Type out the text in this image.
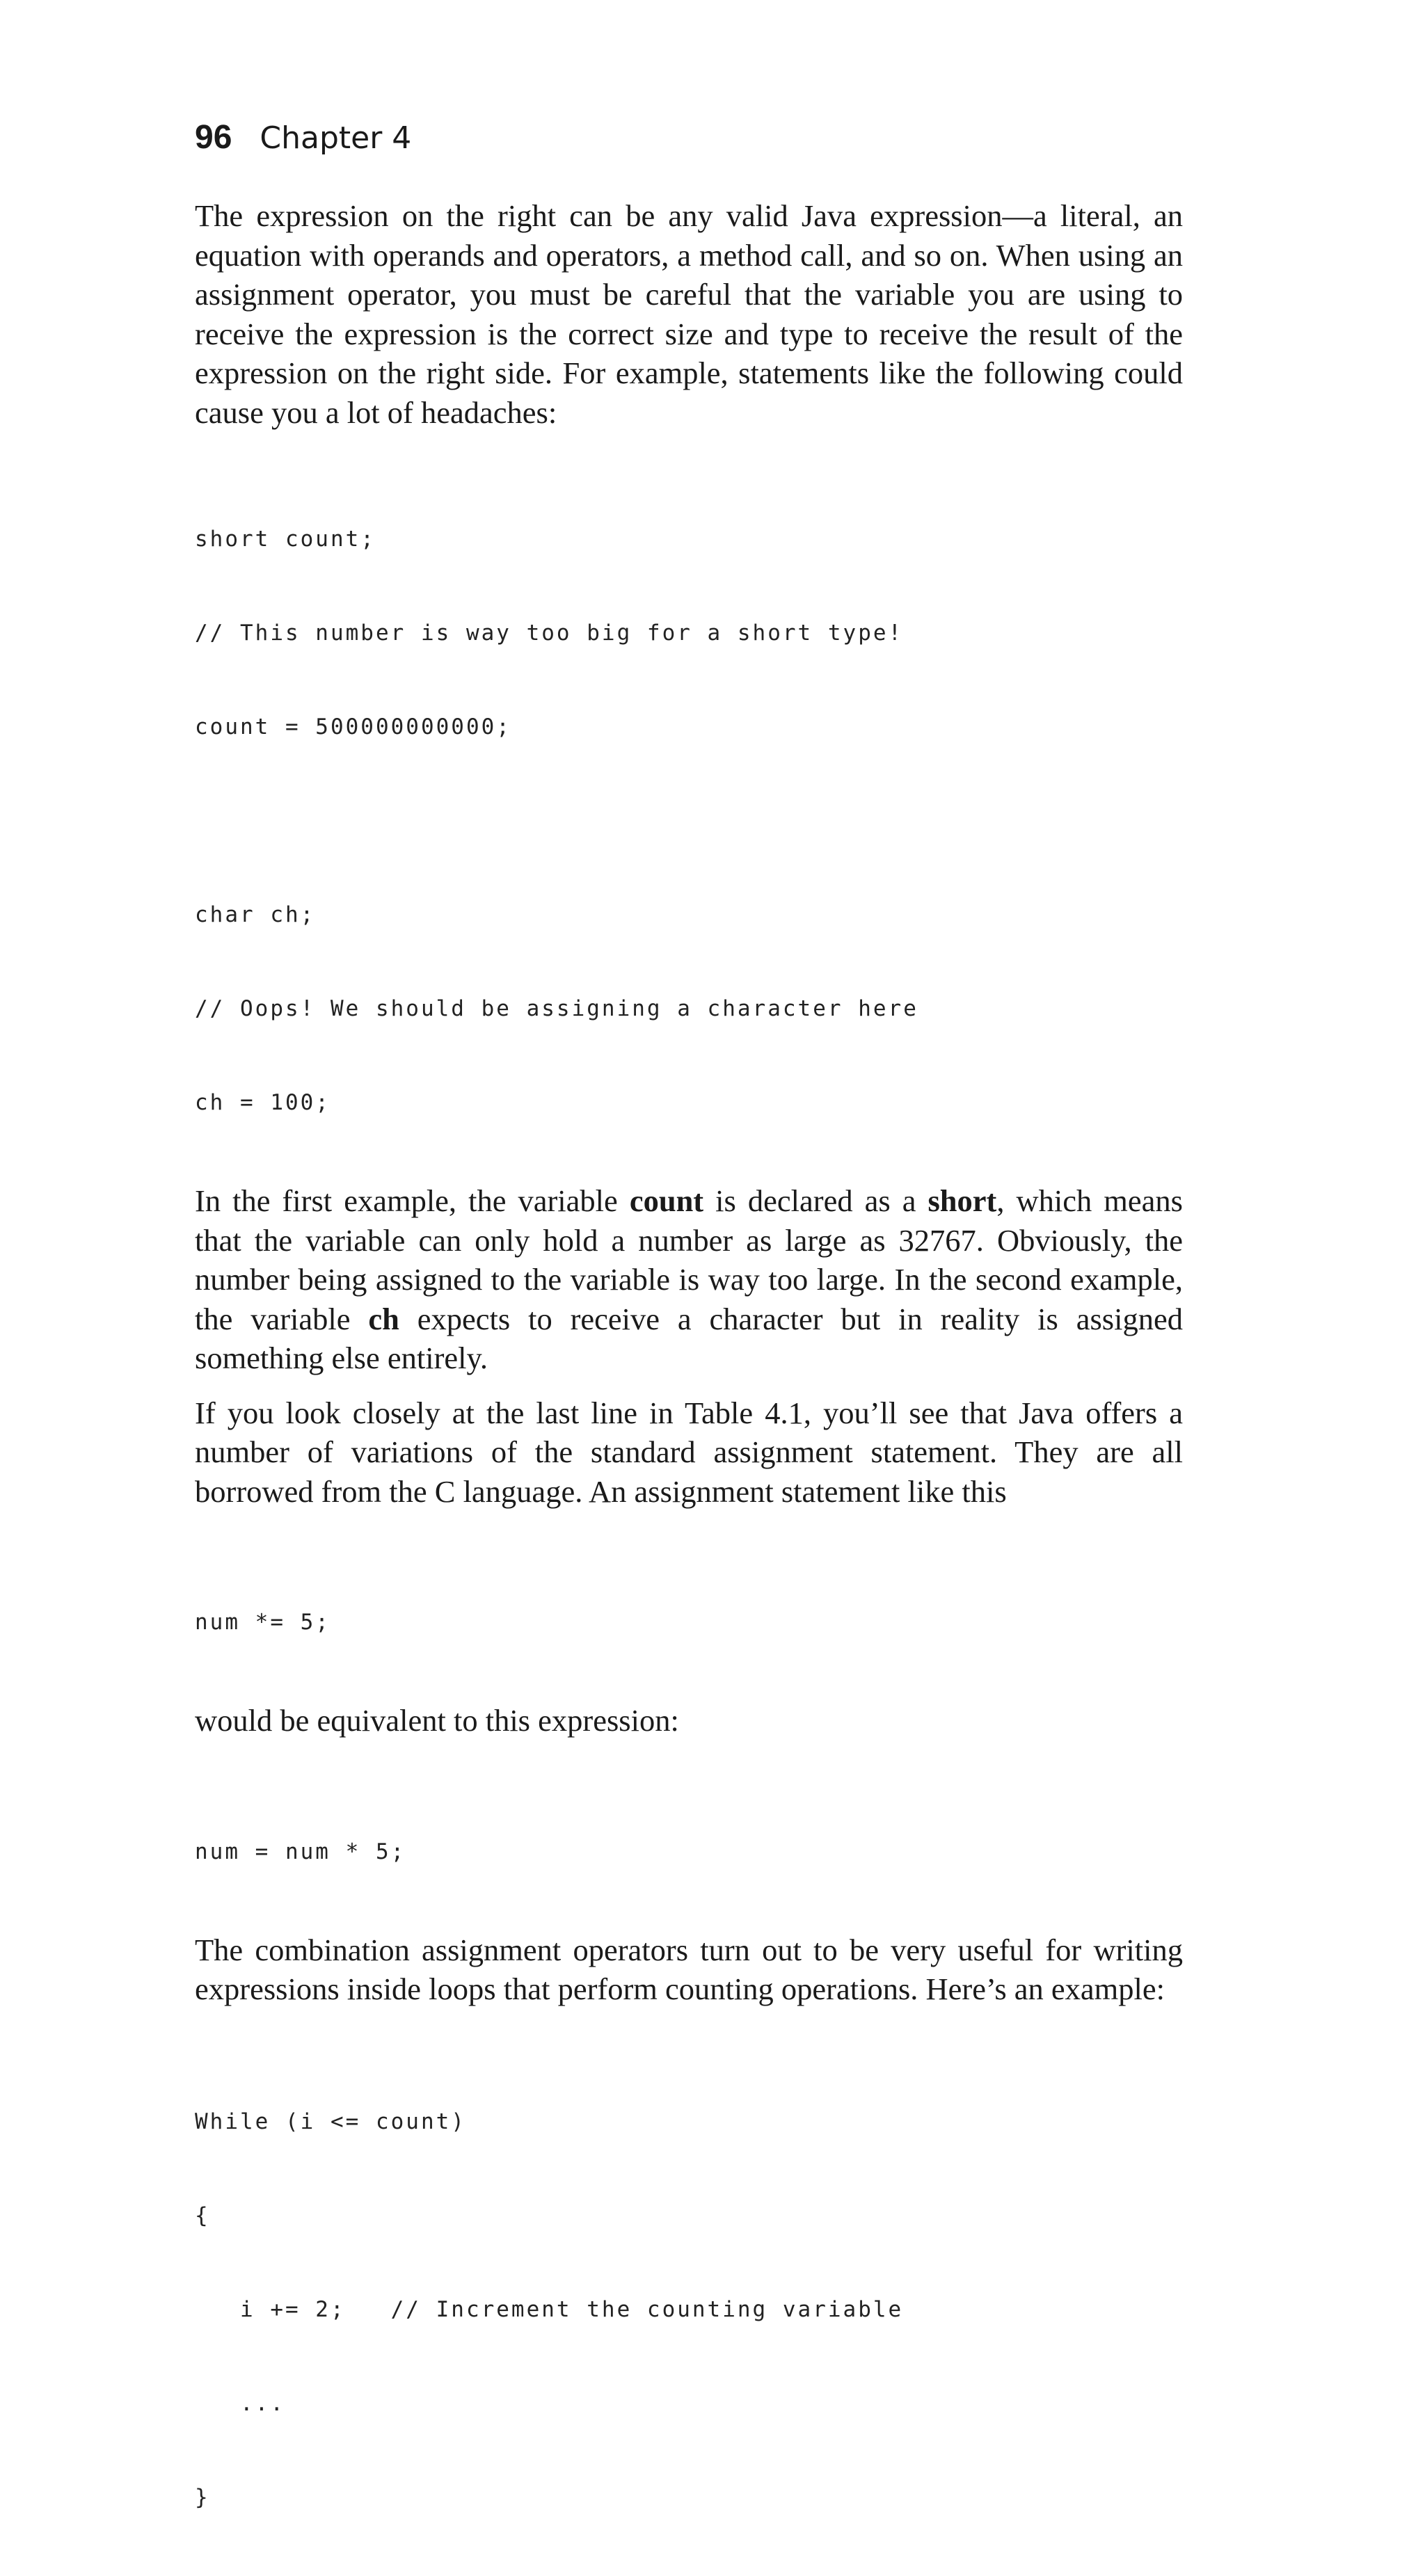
96 Chapter 4

The expression on the right can be any valid Java expression—a literal, an equation with operands and operators, a method call, and so on. When using an assignment operator, you must be careful that the variable you are using to receive the expression is the correct size and type to receive the result of the expression on the right side. For example, statements like the following could cause you a lot of headaches:

short count;

// This number is way too big for a short type!

count = 500000000000;

char ch;

// Oops! We should be assigning a character here

ch = 100;

In the first example, the variable count is declared as a short, which means that the variable can only hold a number as large as 32767. Obviously, the number being assigned to the variable is way too large. In the second example, the variable ch expects to receive a character but in reality is assigned something else entirely.

If you look closely at the last line in Table 4.1, you’ll see that Java offers a number of variations of the standard assignment statement. They are all borrowed from the C language. An assignment statement like this

num *= 5;

would be equivalent to this expression:

num = num * 5;

The combination assignment operators turn out to be very useful for writing expressions inside loops that perform counting operations. Here’s an example:

While (i <= count)

{

i += 2;   // Increment the counting variable

...

}
